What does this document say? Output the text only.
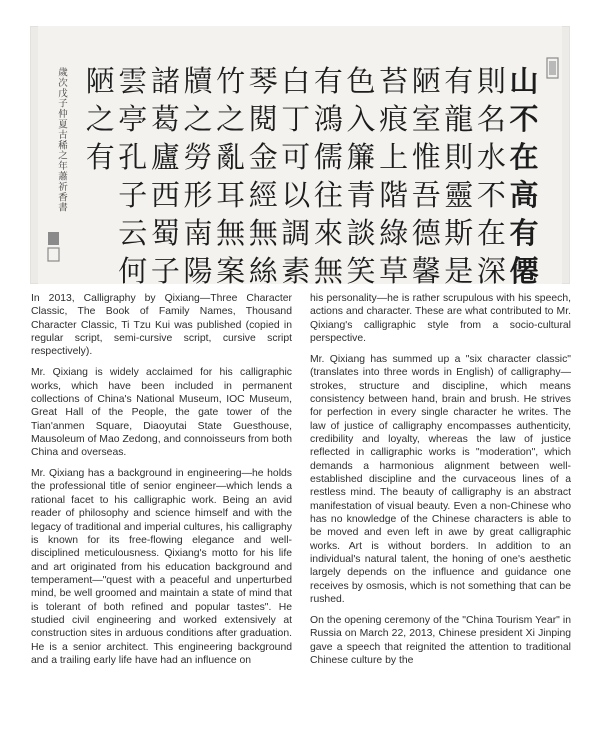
山
不
在
高
有
僊
則
名
水
不
在
深
有
龍
則
靈
斯
是
陋
室
惟
吾
德
馨
苔
痕
上
階
綠
草
色
入
簾
青
談
笑
有
鴻
儒
往
來
無
白
丁
可
以
調
素
琴
閱
金
經
無
絲
竹
之
亂
耳
無
案
牘
之
勞
形
南
陽
諸
葛
廬
西
蜀
子
雲
亭
孔
子
云
何
陋
之
有
歲
次
戊
子
仲
夏
古
稀
之
年
蕭
祈
香
書

In 2013, Calligraphy by Qixiang—Three Character Classic, The Book of Family Names, Thousand Character Classic, Ti Tzu Kui was published (copied in regular script, semi-cursive script, cursive script respectively).

Mr. Qixiang is widely acclaimed for his calligraphic works, which have been included in permanent collections of China's National Museum, IOC Museum, Great Hall of the People, the gate tower of the Tian'anmen Square, Diaoyutai State Guesthouse, Mausoleum of Mao Zedong, and connoisseurs from both China and overseas.

Mr. Qixiang has a background in engineering—he holds the professional title of senior engineer—which lends a rational facet to his calligraphic work. Being an avid reader of philosophy and science himself and with the legacy of traditional and imperial cultures, his calligraphy is known for its free-flowing elegance and well-disciplined meticulousness. Qixiang's motto for his life and art originated from his education background and temperament—"quest with a peaceful and unperturbed mind, be well groomed and maintain a state of mind that is tolerant of both refined and popular tastes". He studied civil engineering and worked extensively at construction sites in arduous conditions after graduation. He is a senior architect. This engineering background and a trailing early life have had an influence on

his personality—he is rather scrupulous with his speech, actions and character. These are what contributed to Mr. Qixiang's calligraphic style from a socio-cultural perspective.

Mr. Qixiang has summed up a "six character classic" (translates into three words in English) of calligraphy—strokes, structure and discipline, which means consistency between hand, brain and brush. He strives for perfection in every single character he writes. The law of justice of calligraphy encompasses authenticity, credibility and loyalty, whereas the law of justice reflected in calligraphic works is "moderation", which demands a harmonious alignment between well-established discipline and the curvaceous lines of a restless mind. The beauty of calligraphy is an abstract manifestation of visual beauty. Even a non-Chinese who has no knowledge of the Chinese characters is able to be moved and even left in awe by great calligraphic works. Art is without borders. In addition to an individual's natural talent, the honing of one's aesthetic largely depends on the influence and guidance one receives by osmosis, which is not something that can be rushed.

On the opening ceremony of the "China Tourism Year" in Russia on March 22, 2013, Chinese president Xi Jinping gave a speech that reignited the attention to traditional Chinese culture by the
